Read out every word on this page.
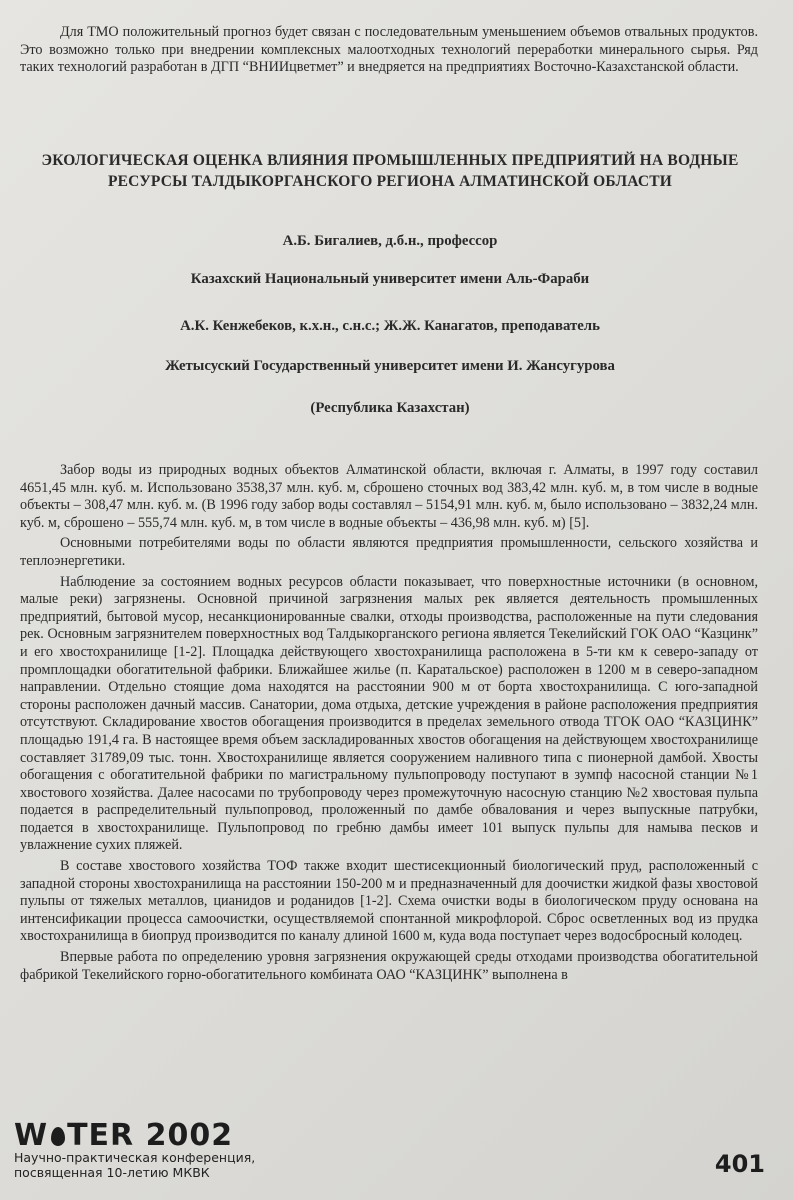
Для ТМО положительный прогноз будет связан с последовательным уменьшением объемов отвальных продуктов. Это возможно только при внедрении комплексных малоотходных технологий переработки минерального сырья. Ряд таких технологий разработан в ДГП “ВНИИцветмет” и внедряется на предприятиях Восточно-Казахстанской области.

ЭКОЛОГИЧЕСКАЯ ОЦЕНКА ВЛИЯНИЯ ПРОМЫШЛЕННЫХ ПРЕДПРИЯТИЙ НА ВОДНЫЕ РЕСУРСЫ ТАЛДЫКОРГАНСКОГО РЕГИОНА АЛМАТИНСКОЙ ОБЛАСТИ
А.Б. Бигалиев, д.б.н., профессор
Казахский Национальный университет имени Аль-Фараби
А.К. Кенжебеков, к.х.н., с.н.с.; Ж.Ж. Канагатов, преподаватель
Жетысуский Государственный университет имени И. Жансугурова
(Республика Казахстан)

Забор воды из природных водных объектов Алматинской области, включая г. Алматы, в 1997 году составил 4651,45 млн. куб. м. Использовано 3538,37 млн. куб. м, сброшено сточных вод 383,42 млн. куб. м, в том числе в водные объекты – 308,47 млн. куб. м. (В 1996 году забор воды составлял – 5154,91 млн. куб. м, было использовано – 3832,24 млн. куб. м, сброшено – 555,74 млн. куб. м, в том числе в водные объекты – 436,98 млн. куб. м) [5].

Основными потребителями воды по области являются предприятия промышленности, сельского хозяйства и теплоэнергетики.

Наблюдение за состоянием водных ресурсов области показывает, что поверхностные источники (в основном, малые реки) загрязнены. Основной причиной загрязнения малых рек является деятельность промышленных предприятий, бытовой мусор, несанкционированные свалки, отходы производства, расположенные на пути следования рек. Основным загрязнителем поверхностных вод Талдыкорганского региона является Текелийский ГОК ОАО “Казцинк” и его хвостохранилище [1-2]. Площадка действующего хвостохранилища расположена в 5-ти км к северо-западу от промплощадки обогатительной фабрики. Ближайшее жилье (п. Каратальское) расположен в 1200 м в северо-западном направлении. Отдельно стоящие дома находятся на расстоянии 900 м от борта хвостохранилища. С юго-западной стороны расположен дачный массив. Санатории, дома отдыха, детские учреждения в районе расположения предприятия отсутствуют. Складирование хвостов обогащения производится в пределах земельного отвода ТГОК ОАО “КАЗЦИНК” площадью 191,4 га. В настоящее время объем заскладированных хвостов обогащения на действующем хвостохранилище составляет 31789,09 тыс. тонн. Хвостохранилище является сооружением наливного типа с пионерной дамбой. Хвосты обогащения с обогатительной фабрики по магистральному пульпопроводу поступают в зумпф насосной станции №1 хвостового хозяйства. Далее насосами по трубопроводу через промежуточную насосную станцию №2 хвостовая пульпа подается в распределительный пульпопровод, проложенный по дамбе обвалования и через выпускные патрубки, подается в хвостохранилище. Пульпопровод по гребню дамбы имеет 101 выпуск пульпы для намыва песков и увлажнение сухих пляжей.

В составе хвостового хозяйства ТОФ также входит шестисекционный биологический пруд, расположенный с западной стороны хвостохранилища на расстоянии 150-200 м и предназначенный для доочистки жидкой фазы хвостовой пульпы от тяжелых металлов, цианидов и роданидов [1-2]. Схема очистки воды в биологическом пруду основана на интенсификации процесса самоочистки, осуществляемой спонтанной микрофлорой. Сброс осветленных вод из прудка хвостохранилища в биопруд производится по каналу длиной 1600 м, куда вода поступает через водосбросный колодец.

Впервые работа по определению уровня загрязнения окружающей среды отходами производства обогатительной фабрикой Текелийского горно-обогатительного комбината ОАО “КАЗЦИНК” выполнена в

W TER 2002
Научно-практическая конференция,
посвященная 10-летию МКВК	401
